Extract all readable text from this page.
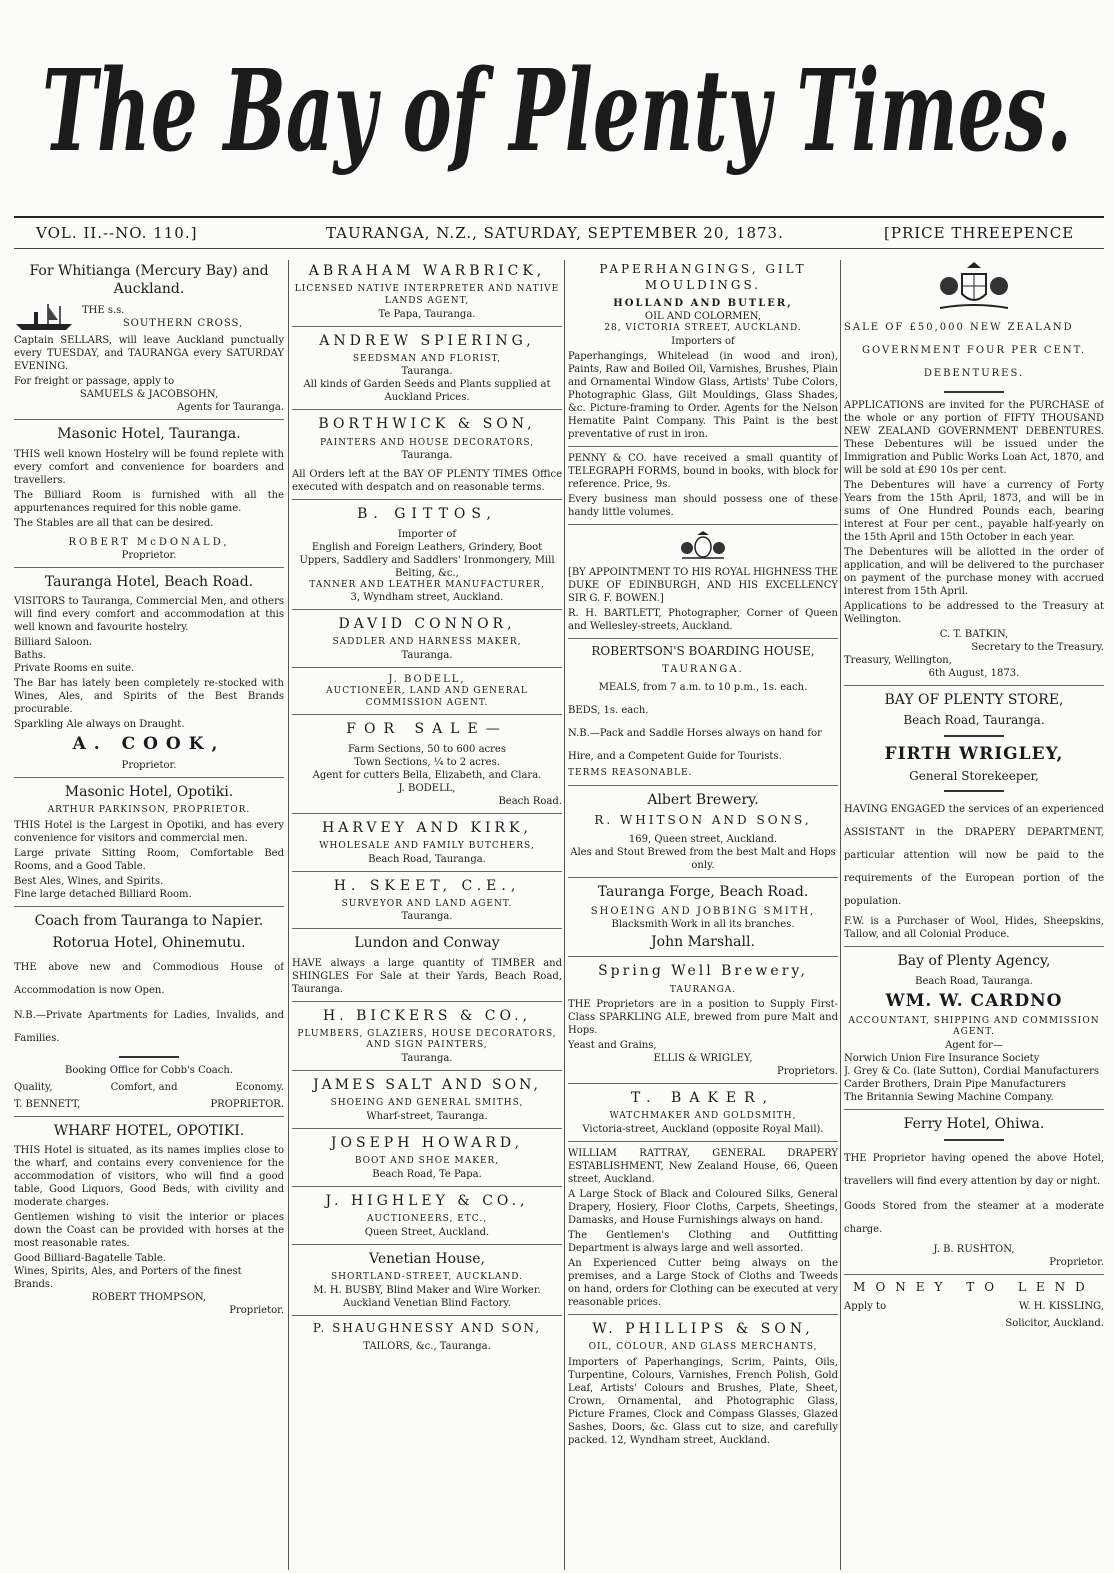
The Bay of Plenty Times.
VOL. II.--NO. 110.]	TAURANGA, N.Z., SATURDAY, SEPTEMBER 20, 1873.	[PRICE THREEPENCE
For Whitianga (Mercury Bay) and Auckland.
THE s.s.
SOUTHERN CROSS,
Captain SELLARS, will leave Auckland punctually every TUESDAY, and TAURANGA every SATURDAY EVENING.
For freight or passage, apply to
SAMUELS & JACOBSOHN,
Agents for Tauranga.
Masonic Hotel, Tauranga.
THIS well known Hostelry will be found replete with every comfort and convenience for boarders and travellers.
The Billiard Room is furnished with all the appurtenances required for this noble game.
The Stables are all that can be desired.
ROBERT McDONALD,
Proprietor.
Tauranga Hotel, Beach Road.
VISITORS to Tauranga, Commercial Men, and others will find every comfort and accommodation at this well known and favourite hostelry.
Billiard Saloon.
Baths.
Private Rooms en suite.
The Bar has lately been completely re-stocked with Wines, Ales, and Spirits of the Best Brands procurable.
Sparkling Ale always on Draught.
A. COOK,
Proprietor.
Masonic Hotel, Opotiki.
ARTHUR PARKINSON, PROPRIETOR.
THIS Hotel is the Largest in Opotiki, and has every convenience for visitors and commercial men.
Large private Sitting Room, Comfortable Bed Rooms, and a Good Table.
Best Ales, Wines, and Spirits.
Fine large detached Billiard Room.
Coach from Tauranga to Napier.
Rotorua Hotel, Ohinemutu.
THE above new and Commodious House of Accommodation is now Open.
N.B.—Private Apartments for Ladies, Invalids, and Families.
Booking Office for Cobb's Coach.
Quality,	Comfort, and	Economy.
T. BENNETT,	PROPRIETOR.
WHARF HOTEL, OPOTIKI.
THIS Hotel is situated, as its names implies close to the wharf, and contains every convenience for the accommodation of visitors, who will find a good table, Good Liquors, Good Beds, with civility and moderate charges.
Gentlemen wishing to visit the interior or places down the Coast can be provided with horses at the most reasonable rates.
Good Billiard-Bagatelle Table.
Wines, Spirits, Ales, and Porters of the finest Brands.
ROBERT THOMPSON,
Proprietor.
ABRAHAM WARBRICK,
LICENSED NATIVE INTERPRETER AND NATIVE LANDS AGENT,
Te Papa, Tauranga.
ANDREW SPIERING,
SEEDSMAN AND FLORIST,
Tauranga.
All kinds of Garden Seeds and Plants supplied at Auckland Prices.
BORTHWICK & SON,
PAINTERS AND HOUSE DECORATORS,
Tauranga.
All Orders left at the BAY OF PLENTY TIMES Office executed with despatch and on reasonable terms.
B. GITTOS,
Importer of
English and Foreign Leathers, Grindery, Boot Uppers, Saddlery and Saddlers' Ironmongery, Mill Belting, &c.,
TANNER AND LEATHER MANUFACTURER,
3, Wyndham street, Auckland.
DAVID CONNOR,
SADDLER AND HARNESS MAKER,
Tauranga.
J. BODELL,
AUCTIONEER, LAND AND GENERAL COMMISSION AGENT.
FOR SALE—
Farm Sections, 50 to 600 acres
Town Sections, ¼ to 2 acres.
Agent for cutters Bella, Elizabeth, and Clara.
J. BODELL,
Beach Road.
HARVEY AND KIRK,
WHOLESALE AND FAMILY BUTCHERS,
Beach Road, Tauranga.
H. SKEET, C.E.,
SURVEYOR AND LAND AGENT.
Tauranga.
Lundon and Conway
HAVE always a large quantity of TIMBER and SHINGLES For Sale at their Yards, Beach Road, Tauranga.
H. BICKERS & CO.,
PLUMBERS, GLAZIERS, HOUSE DECORATORS, AND SIGN PAINTERS,
Tauranga.
JAMES SALT AND SON,
SHOEING AND GENERAL SMITHS,
Wharf-street, Tauranga.
JOSEPH HOWARD,
BOOT AND SHOE MAKER,
Beach Road, Te Papa.
J. HIGHLEY & CO.,
AUCTIONEERS, ETC.,
Queen Street, Auckland.
Venetian House,
SHORTLAND-STREET, AUCKLAND.
M. H. BUSBY, Blind Maker and Wire Worker. Auckland Venetian Blind Factory.
P. SHAUGHNESSY AND SON,
TAILORS, &c., Tauranga.
PAPERHANGINGS, GILT MOULDINGS.
HOLLAND AND BUTLER,
OIL AND COLORMEN,
28, VICTORIA STREET, AUCKLAND.
Importers of
Paperhangings, Whitelead (in wood and iron), Paints, Raw and Boiled Oil, Varnishes, Brushes, Plain and Ornamental Window Glass, Artists' Tube Colors, Photographic Glass, Gilt Mouldings, Glass Shades, &c. Picture-framing to Order. Agents for the Nelson Hematite Paint Company. This Paint is the best preventative of rust in iron.
PENNY & CO. have received a small quantity of TELEGRAPH FORMS, bound in books, with block for reference. Price, 9s.
Every business man should possess one of these handy little volumes.
[BY APPOINTMENT TO HIS ROYAL HIGHNESS THE DUKE OF EDINBURGH, AND HIS EXCELLENCY SIR G. F. BOWEN.]
R. H. BARTLETT, Photographer, Corner of Queen and Wellesley-streets, Auckland.
ROBERTSON'S BOARDING HOUSE,
TAURANGA.
MEALS, from 7 a.m. to 10 p.m., 1s. each.
BEDS, 1s. each.
N.B.—Pack and Saddle Horses always on hand for Hire, and a Competent Guide for Tourists.
TERMS REASONABLE.
Albert Brewery.
R. WHITSON AND SONS,
169, Queen street, Auckland.
Ales and Stout Brewed from the best Malt and Hops only.
Tauranga Forge, Beach Road.
SHOEING AND JOBBING SMITH,
Blacksmith Work in all its branches.
John Marshall.
Spring Well Brewery,
TAURANGA.
THE Proprietors are in a position to Supply First-Class SPARKLING ALE, brewed from pure Malt and Hops.
Yeast and Grains,
ELLIS & WRIGLEY,
Proprietors.
T. BAKER,
WATCHMAKER AND GOLDSMITH,
Victoria-street, Auckland (opposite Royal Mail).
WILLIAM RATTRAY, GENERAL DRAPERY ESTABLISHMENT, New Zealand House, 66, Queen street, Auckland.
A Large Stock of Black and Coloured Silks, General Drapery, Hosiery, Floor Cloths, Carpets, Sheetings, Damasks, and House Furnishings always on hand.
The Gentlemen's Clothing and Outfitting Department is always large and well assorted.
An Experienced Cutter being always on the premises, and a Large Stock of Cloths and Tweeds on hand, orders for Clothing can be executed at very reasonable prices.
W. PHILLIPS & SON,
OIL, COLOUR, AND GLASS MERCHANTS,
Importers of Paperhangings, Scrim, Paints, Oils, Turpentine, Colours, Varnishes, French Polish, Gold Leaf, Artists' Colours and Brushes, Plate, Sheet, Crown, Ornamental, and Photographic Glass, Picture Frames, Clock and Compass Glasses, Glazed Sashes, Doors, &c. Glass cut to size, and carefully packed. 12, Wyndham street, Auckland.
SALE OF £50,000 NEW ZEALAND
GOVERNMENT FOUR PER CENT.
DEBENTURES.
APPLICATIONS are invited for the PURCHASE of the whole or any portion of FIFTY THOUSAND NEW ZEALAND GOVERNMENT DEBENTURES. These Debentures will be issued under the Immigration and Public Works Loan Act, 1870, and will be sold at £90 10s per cent.
The Debentures will have a currency of Forty Years from the 15th April, 1873, and will be in sums of One Hundred Pounds each, bearing interest at Four per cent., payable half-yearly on the 15th April and 15th October in each year.
The Debentures will be allotted in the order of application, and will be delivered to the purchaser on payment of the purchase money with accrued interest from 15th April.
Applications to be addressed to the Treasury at Wellington.
C. T. BATKIN,
Secretary to the Treasury.
Treasury, Wellington,
6th August, 1873.
BAY OF PLENTY STORE,
Beach Road, Tauranga.
FIRTH WRIGLEY,
General Storekeeper,
HAVING ENGAGED the services of an experienced ASSISTANT in the DRAPERY DEPARTMENT, particular attention will now be paid to the requirements of the European portion of the population.
F.W. is a Purchaser of Wool, Hides, Sheepskins, Tallow, and all Colonial Produce.
Bay of Plenty Agency,
Beach Road, Tauranga.
WM. W. CARDNO
ACCOUNTANT, SHIPPING AND COMMISSION AGENT.
Agent for—
Norwich Union Fire Insurance Society
J. Grey & Co. (late Sutton), Cordial Manufacturers
Carder Brothers, Drain Pipe Manufacturers
The Britannia Sewing Machine Company.
Ferry Hotel, Ohiwa.
THE Proprietor having opened the above Hotel, travellers will find every attention by day or night.
Goods Stored from the steamer at a moderate charge.
J. B. RUSHTON,
Proprietor.
MONEY TO LEND
Apply to	W. H. KISSLING,
Solicitor, Auckland.
